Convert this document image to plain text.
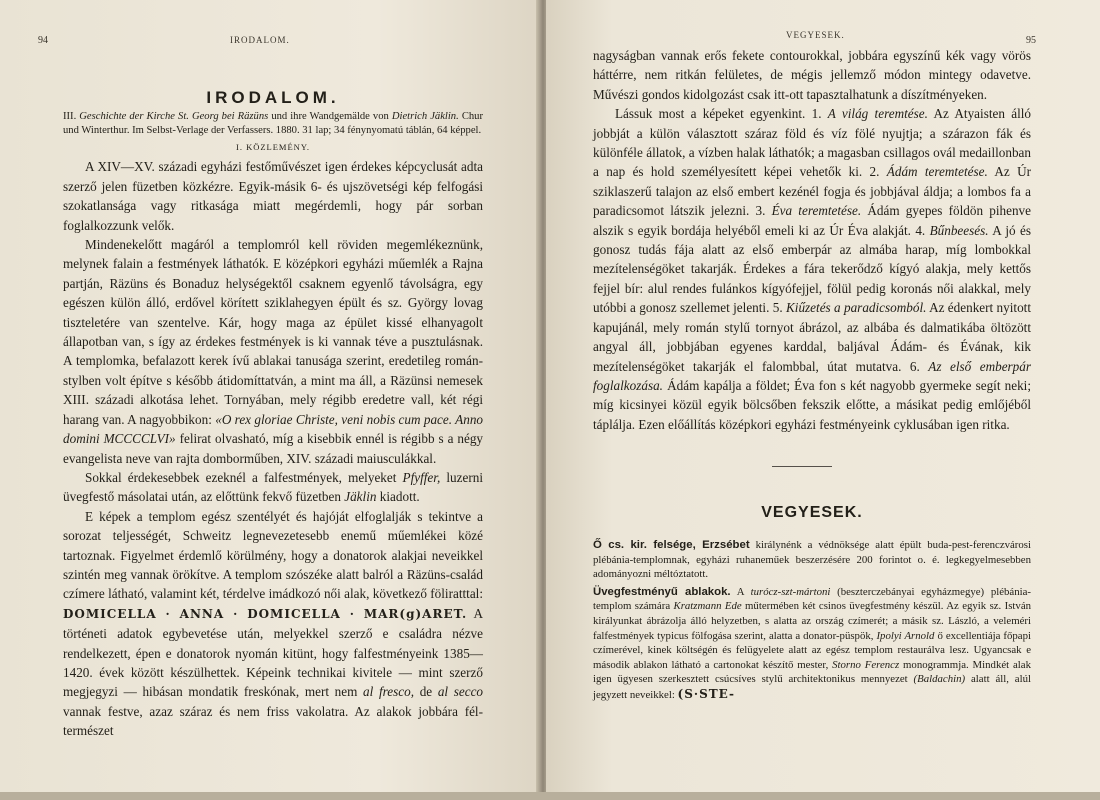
94	IRODALOM.
IRODALOM.

III. Geschichte der Kirche St. Georg bei Räzüns und ihre Wandgemälde von Dietrich Jäklin. Chur und Winterthur. Im Selbst-Verlage der Verfassers. 1880. 31 lap; 34 fénynyomatú táblán, 64 képpel.

I. KÖZLEMÉNY.

A XIV—XV. századi egyházi festőművészet igen érdekes képcyclusát adta szerző jelen füzetben közkézre. Egyik-másik 6- és ujszövetségi kép felfogási szokatlansága vagy ritkasága miatt megérdemli, hogy pár sorban foglalkozzunk velők.

Mindenekelőtt magáról a templomról kell röviden megemlékeznünk, melynek falain a festmények láthatók. E középkori egyházi műemlék a Rajna partján, Räzüns és Bonaduz helységektől csaknem egyenlő távolságra, egy egészen külön álló, erdővel körített sziklahegyen épült és sz. György lovag tiszteletére van szentelve. Kár, hogy maga az épület kissé elhanyagolt állapotban van, s így az érdekes festmények is ki vannak téve a pusztulásnak. A templomka, befalazott kerek ívű ablakai tanusága szerint, eredetileg román-stylben volt építve s később átidomíttatván, a mint ma áll, a Räzünsi nemesek XIII. századi alkotása lehet. Tornyában, mely régibb eredetre vall, két régi harang van. A nagyobbikon: «O rex gloriae Christe, veni nobis cum pace. Anno domini MCCCCLVI» felirat olvasható, míg a kisebbik ennél is régibb s a négy evangelista neve van rajta domborműben, XIV. századi maiusculákkal.

Sokkal érdekesebbek ezeknél a falfestmények, melyeket Pfyffer, luzerni üvegfestő másolatai után, az előttünk fekvő füzetben Jäklin kiadott.

E képek a templom egész szentélyét és hajóját elfoglalják s tekintve a sorozat teljességét, Schweitz legnevezetesebb enemű műemlékei közé tartoznak. Figyelmet érdemlő körülmény, hogy a donatorok alakjai neveikkel szintén meg vannak örökítve. A templom szószéke alatt balról a Räzüns-család czímere látható, valamint két, térdelve imádkozó női alak, következő föliratttal: DOMICELLA · ANNA · DOMICELLA · MAR(g)ARET. A történeti adatok egybevetése után, melyekkel szerző e családra nézve rendelkezett, épen e donatorok nyomán kitünt, hogy falfestményeink 1385—1420. évek között készülhettek. Képeink technikai kivitele — mint szerző megjegyzi — hibásan mondatik freskónak, mert nem al fresco, de al secco vannak festve, azaz száraz és nem friss vakolatra. Az alakok jobbára fél-természet

VEGYESEK.	95

nagyságban vannak erős fekete contourokkal, jobbára egyszínű kék vagy vörös háttérre, nem ritkán felületes, de mégis jellemző módon mintegy odavetve. Művészi gondos kidolgozást csak itt-ott tapasztalhatunk a díszítményeken.

Lássuk most a képeket egyenkint. 1. A világ teremtése. Az Atyaisten álló jobbját a külön választott száraz föld és víz fölé nyujtja; a szárazon fák és különféle állatok, a vízben halak láthatók; a magasban csillagos ovál medaillonban a nap és hold személyesített képei vehetők ki. 2. Ádám teremtetése. Az Úr sziklaszerű talajon az első embert kezénél fogja és jobbjával áldja; a lombos fa a paradicsomot látszik jelezni. 3. Éva teremtetése. Ádám gyepes földön pihenve alszik s egyik bordája helyéből emeli ki az Úr Éva alakját. 4. Bűnbeesés. A jó és gonosz tudás fája alatt az első emberpár az almába harap, míg lombokkal mezítelenségöket takarják. Érdekes a fára tekerődző kígyó alakja, mely kettős fejjel bír: alul rendes fulánkos kígyófejjel, fölül pedig koronás női alakkal, mely utóbbi a gonosz szellemet jelenti. 5. Kiűzetés a paradicsomból. Az édenkert nyitott kapujánál, mely román stylű tornyot ábrázol, az albába és dalmatikába öltözött angyal áll, jobbjában egyenes karddal, baljával Ádám- és Évának, kik mezítelenségöket takarják el falombbal, útat mutatva. 6. Az első emberpár foglalkozása. Ádám kapálja a földet; Éva fon s két nagyobb gyermeke segít neki; míg kicsinyei közül egyik bölcsőben fekszik előtte, a másikat pedig emlőjéből táplálja. Ezen előállítás középkori egyházi festményeink cyklusában igen ritka.

VEGYESEK.

Ő cs. kir. felsége, Erzsébet királynénk a védnöksége alatt épült buda-pest-ferenczvárosi plébánia-templomnak, egyházi ruhaneműek beszerzésére 200 forintot o. é. legkegyelmesebben adományozni méltóztatott.

Üvegfestményű ablakok. A turócz-szt-mártoni (beszterczebányai egyházmegye) plébánia-templom számára Kratzmann Ede műtermében két csinos üvegfestmény készül. Az egyik sz. István királyunkat ábrázolja álló helyzetben, s alatta az ország czímerét; a másik sz. László, a veleméri falfestmények typicus fölfogása szerint, alatta a donator-püspök, Ipolyi Arnold ő excellentiája főpapi czímerével, kinek költségén és felügyelete alatt az egész templom restaurálva lesz. Ugyancsak e második ablakon látható a cartonokat készítő mester, Storno Ferencz monogrammja. Mindkét alak igen ügyesen szerkesztett csúcsíves stylű architektonikus mennyezet (Baldachin) alatt áll, alúl jegyzett neveikkel: (S·STE-
